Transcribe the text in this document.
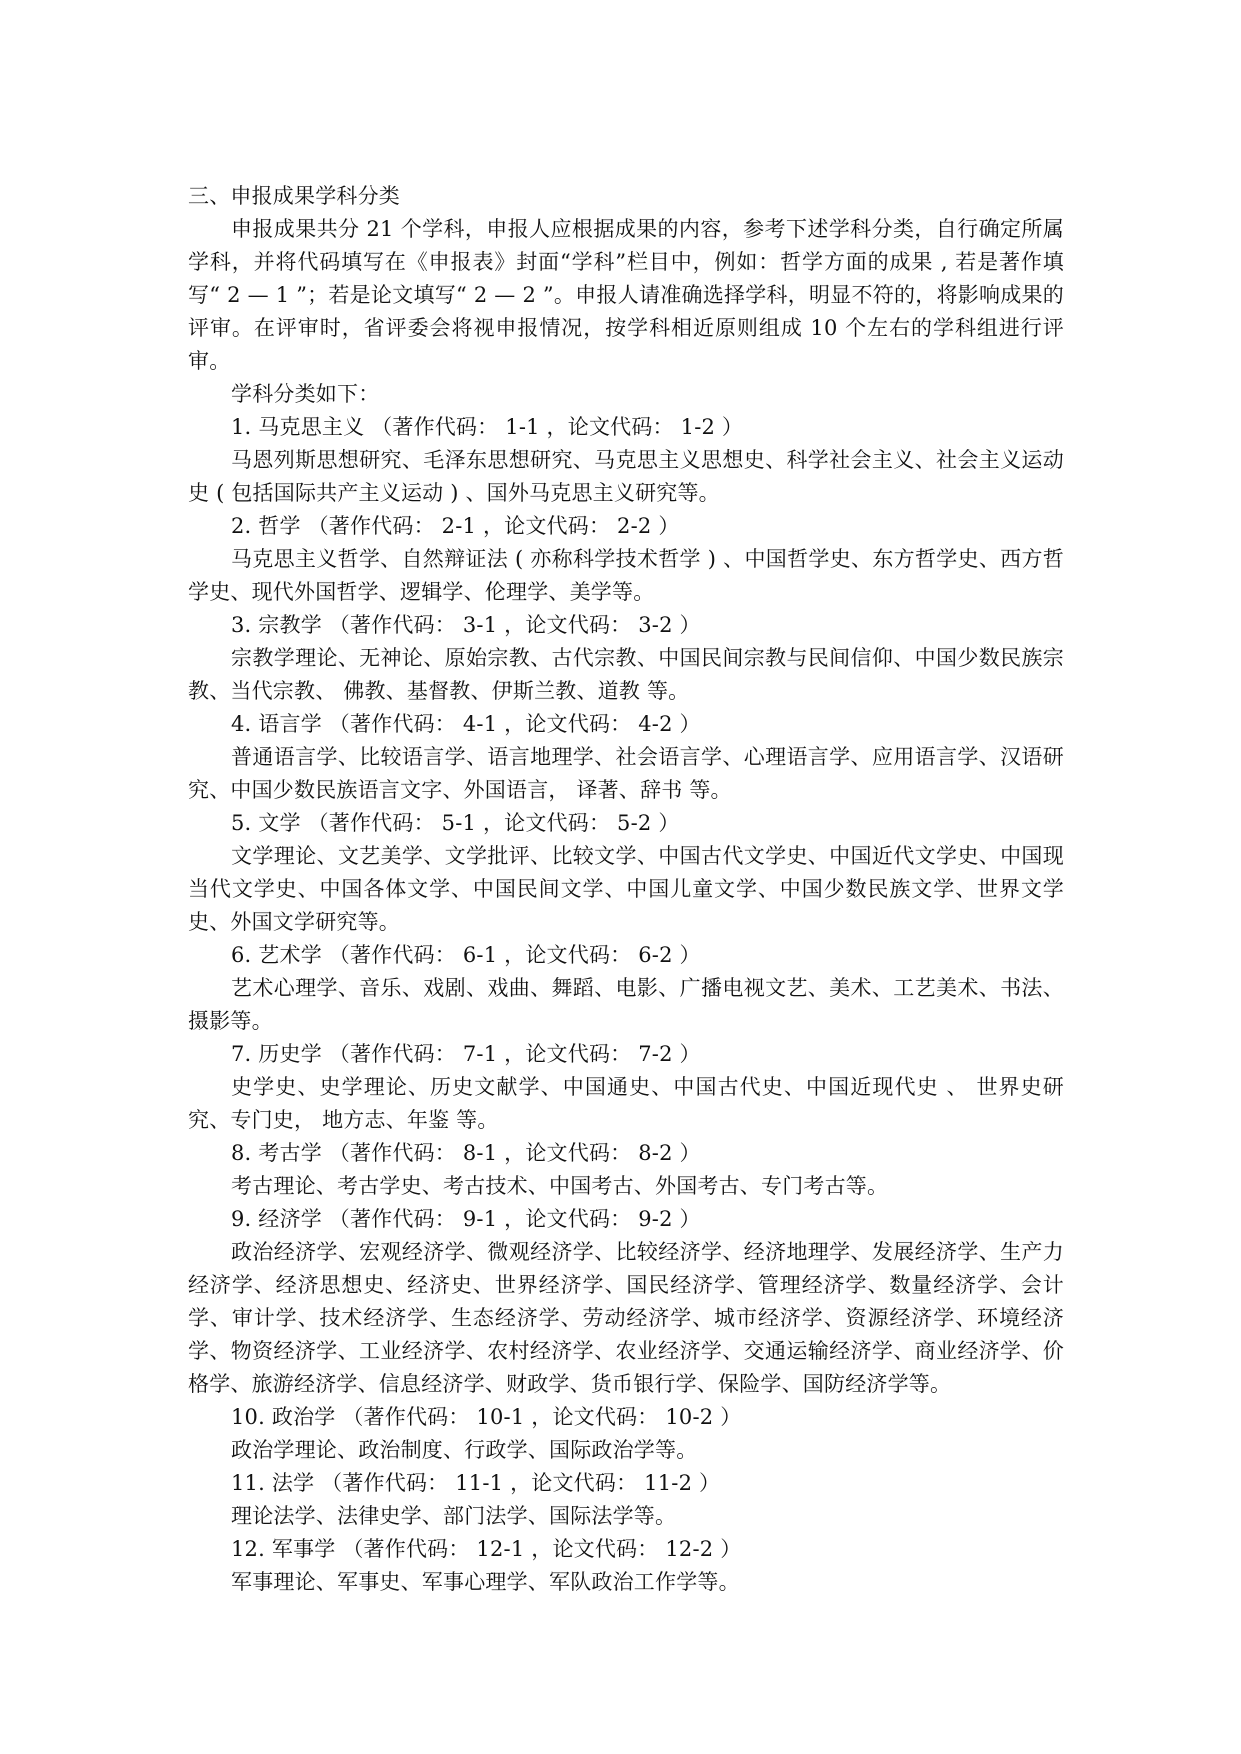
三、申报成果学科分类

申报成果共分 21 个学科，申报人应根据成果的内容，参考下述学科分类，自行确定所属学科，并将代码填写在《申报表》封面“学科”栏目中，例如：哲学方面的成果 , 若是著作填写“ 2 — 1 ”；若是论文填写“ 2 — 2 ”。申报人请准确选择学科，明显不符的，将影响成果的评审。在评审时，省评委会将视申报情况，按学科相近原则组成 10 个左右的学科组进行评审。

学科分类如下：

1. 马克思主义 （著作代码： 1-1 ，论文代码： 1-2 ）

马恩列斯思想研究、毛泽东思想研究、马克思主义思想史、科学社会主义、社会主义运动史 ( 包括国际共产主义运动 ) 、国外马克思主义研究等。

2. 哲学 （著作代码： 2-1 ，论文代码： 2-2 ）

马克思主义哲学、自然辩证法 ( 亦称科学技术哲学 ) 、中国哲学史、东方哲学史、西方哲学史、现代外国哲学、逻辑学、伦理学、美学等。

3. 宗教学 （著作代码： 3-1 ，论文代码： 3-2 ）

宗教学理论、无神论、原始宗教、古代宗教、中国民间宗教与民间信仰、中国少数民族宗教、当代宗教、 佛教、基督教、伊斯兰教、道教 等。

4. 语言学 （著作代码： 4-1 ，论文代码： 4-2 ）

普通语言学、比较语言学、语言地理学、社会语言学、心理语言学、应用语言学、汉语研究、中国少数民族语言文字、外国语言， 译著、辞书 等。

5. 文学 （著作代码： 5-1 ，论文代码： 5-2 ）

文学理论、文艺美学、文学批评、比较文学、中国古代文学史、中国近代文学史、中国现当代文学史、中国各体文学、中国民间文学、中国儿童文学、中国少数民族文学、世界文学史、外国文学研究等。

6. 艺术学 （著作代码： 6-1 ，论文代码： 6-2 ）

艺术心理学、音乐、戏剧、戏曲、舞蹈、电影、广播电视文艺、美术、工艺美术、书法、摄影等。

7. 历史学 （著作代码： 7-1 ，论文代码： 7-2 ）

史学史、史学理论、历史文献学、中国通史、中国古代史、中国近现代史 、 世界史研究、专门史， 地方志、年鉴 等。

8. 考古学 （著作代码： 8-1 ，论文代码： 8-2 ）

考古理论、考古学史、考古技术、中国考古、外国考古、专门考古等。

9. 经济学 （著作代码： 9-1 ，论文代码： 9-2 ）

政治经济学、宏观经济学、微观经济学、比较经济学、经济地理学、发展经济学、生产力经济学、经济思想史、经济史、世界经济学、国民经济学、管理经济学、数量经济学、会计学、审计学、技术经济学、生态经济学、劳动经济学、城市经济学、资源经济学、环境经济学、物资经济学、工业经济学、农村经济学、农业经济学、交通运输经济学、商业经济学、价格学、旅游经济学、信息经济学、财政学、货币银行学、保险学、国防经济学等。

10. 政治学 （著作代码： 10-1 ，论文代码： 10-2 ）

政治学理论、政治制度、行政学、国际政治学等。

11. 法学 （著作代码： 11-1 ，论文代码： 11-2 ）

理论法学、法律史学、部门法学、国际法学等。

12. 军事学 （著作代码： 12-1 ，论文代码： 12-2 ）

军事理论、军事史、军事心理学、军队政治工作学等。
